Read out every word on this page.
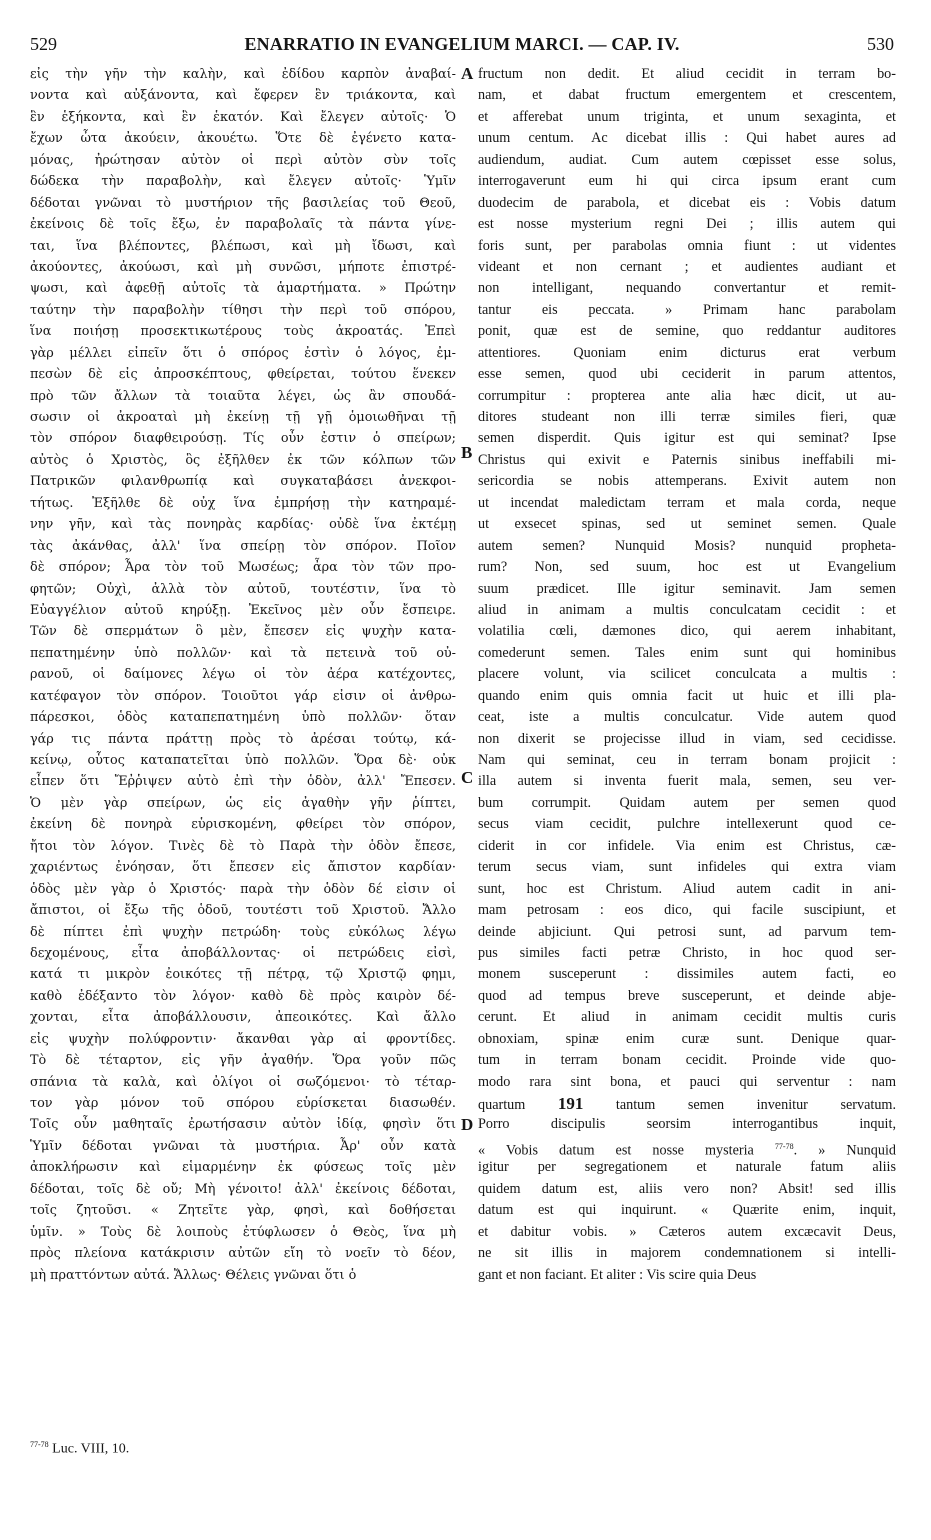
529	ENARRATIO IN EVANGELIUM MARCI. — CAP. IV.	530
εἰς τὴν γῆν τὴν καλὴν, καὶ ἐδίδου καρπὸν ἀναβαί-
νοντα καὶ αὐξάνοντα, καὶ ἔφερεν ἓν τριάκοντα, καὶ
ἓν ἑξήκοντα, καὶ ἓν ἑκατόν. Καὶ ἔλεγεν αὐτοῖς· Ὁ
ἔχων ὦτα ἀκούειν, ἀκουέτω. Ὅτε δὲ ἐγένετο κατα-
μόνας, ἠρώτησαν αὐτὸν οἱ περὶ αὐτὸν σὺν τοῖς
δώδεκα τὴν παραβολὴν, καὶ ἔλεγεν αὐτοῖς· Ὑμῖν
δέδοται γνῶναι τὸ μυστήριον τῆς βασιλείας τοῦ Θεοῦ,
ἐκείνοις δὲ τοῖς ἔξω, ἐν παραβολαῖς τὰ πάντα γίνε-
ται, ἵνα βλέποντες, βλέπωσι, καὶ μὴ ἴδωσι, καὶ
ἀκούοντες, ἀκούωσι, καὶ μὴ συνῶσι, μήποτε ἐπιστρέ-
ψωσι, καὶ ἀφεθῇ αὐτοῖς τὰ ἁμαρτήματα. » Πρώτην
ταύτην τὴν παραβολὴν τίθησι τὴν περὶ τοῦ σπόρου,
ἵνα ποιήσῃ προσεκτικωτέρους τοὺς ἀκροατάς. Ἐπεὶ
γὰρ μέλλει εἰπεῖν ὅτι ὁ σπόρος ἐστὶν ὁ λόγος, ἐμ-
πεσὼν δὲ εἰς ἀπροσκέπτους, φθείρεται, τούτου ἕνεκεν
πρὸ τῶν ἄλλων τὰ τοιαῦτα λέγει, ὡς ἂν σπουδά-
σωσιν οἱ ἀκροαταὶ μὴ ἐκείνῃ τῇ γῇ ὁμοιωθῆναι τῇ
τὸν σπόρον διαφθειρούσῃ. Τίς οὖν ἐστιν ὁ σπείρων;
αὐτὸς ὁ Χριστὸς, ὃς ἐξῆλθεν ἐκ τῶν κόλπων τῶν
Πατρικῶν φιλανθρωπίᾳ καὶ συγκαταβάσει ἀνεκφοι-
τήτως. Ἐξῆλθε δὲ οὐχ ἵνα ἐμπρήσῃ τὴν κατηραμέ-
νην γῆν, καὶ τὰς πονηρὰς καρδίας· οὐδὲ ἵνα ἐκτέμῃ
τὰς ἀκάνθας, ἀλλ' ἵνα σπείρῃ τὸν σπόρον. Ποῖον
δὲ σπόρον; Ἆρα τὸν τοῦ Μωσέως; ἆρα τὸν τῶν προ-
φητῶν; Οὐχὶ, ἀλλὰ τὸν αὐτοῦ, τουτέστιν, ἵνα τὸ
Εὐαγγέλιον αὐτοῦ κηρύξῃ. Ἐκεῖνος μὲν οὖν ἔσπειρε.
Τῶν δὲ σπερμάτων ὃ μὲν, ἔπεσεν εἰς ψυχὴν κατα-
πεπατημένην ὑπὸ πολλῶν· καὶ τὰ πετεινὰ τοῦ οὐ-
ρανοῦ, οἱ δαίμονες λέγω οἱ τὸν ἀέρα κατέχοντες,
κατέφαγον τὸν σπόρον. Τοιοῦτοι γάρ εἰσιν οἱ ἀνθρω-
πάρεσκοι, ὁδὸς καταπεπατημένη ὑπὸ πολλῶν· ὅταν
γάρ τις πάντα πράττῃ πρὸς τὸ ἀρέσαι τούτῳ, κά-
κείνῳ, οὗτος καταπατεῖται ὑπὸ πολλῶν. Ὅρα δὲ· οὐκ
εἶπεν ὅτι Ἔῤῥιψεν αὐτὸ ἐπὶ τὴν ὁδὸν, ἀλλ' Ἔπεσεν.
Ὁ μὲν γὰρ σπείρων, ὡς εἰς ἀγαθὴν γῆν ῥίπτει,
ἐκείνη δὲ πονηρὰ εὑρισκομένη, φθείρει τὸν σπόρον,
ἤτοι τὸν λόγον. Τινὲς δὲ τὸ Παρὰ τὴν ὁδὸν ἔπεσε,
χαριέντως ἐνόησαν, ὅτι ἔπεσεν εἰς ἄπιστον καρδίαν·
ὁδὸς μὲν γὰρ ὁ Χριστός· παρὰ τὴν ὁδὸν δέ εἰσιν οἱ
ἄπιστοι, οἱ ἔξω τῆς ὁδοῦ, τουτέστι τοῦ Χριστοῦ. Ἄλλο
δὲ πίπτει ἐπὶ ψυχὴν πετρώδη· τοὺς εὐκόλως λέγω
δεχομένους, εἶτα ἀποβάλλοντας· οἱ πετρώδεις εἰσὶ,
κατά τι μικρὸν ἐοικότες τῇ πέτρᾳ, τῷ Χριστῷ φημι,
καθὸ ἐδέξαντο τὸν λόγον· καθὸ δὲ πρὸς καιρὸν δέ-
χονται, εἶτα ἀποβάλλουσιν, ἀπεοικότες. Καὶ ἄλλο
εἰς ψυχὴν πολύφροντιν· ἄκανθαι γὰρ αἱ φροντίδες.
Τὸ δὲ τέταρτον, εἰς γῆν ἀγαθήν. Ὅρα γοῦν πῶς
σπάνια τὰ καλὰ, καὶ ὀλίγοι οἱ σωζόμενοι· τὸ τέταρ-
τον γὰρ μόνον τοῦ σπόρου εὑρίσκεται διασωθέν.
Τοῖς οὖν μαθηταῖς ἐρωτήσασιν αὐτὸν ἰδίᾳ, φησὶν ὅτι
Ὑμῖν δέδοται γνῶναι τὰ μυστήρια. Ἆρ' οὖν κατὰ
ἀποκλήρωσιν καὶ εἱμαρμένην ἐκ φύσεως τοῖς μὲν
δέδοται, τοῖς δὲ οὔ; Μὴ γένοιτο! ἀλλ' ἐκείνοις δέδοται,
τοῖς ζητοῦσι. « Ζητεῖτε γὰρ, φησὶ, καὶ δοθήσεται
ὑμῖν. » Τοὺς δὲ λοιποὺς ἐτύφλωσεν ὁ Θεὸς, ἵνα μὴ
πρὸς πλείονα κατάκρισιν αὐτῶν εἴη τὸ νοεῖν τὸ δέον,
μὴ πραττόντων αὐτά. Ἄλλως· Θέλεις γνῶναι ὅτι ὁ
fructum non dedit. Et aliud cecidit in terram bo-
nam, et dabat fructum emergentem et crescentem,
et afferebat unum triginta, et unum sexaginta, et
unum centum. Ac dicebat illis : Qui habet aures ad
audiendum, audiat. Cum autem cœpisset esse solus,
interrogaverunt eum hi qui circa ipsum erant cum
duodecim de parabola, et dicebat eis : Vobis datum
est nosse mysterium regni Dei ; illis autem qui
foris sunt, per parabolas omnia fiunt : ut videntes
videant et non cernant ; et audientes audiant et
non intelligant, nequando convertantur et remit-
tantur eis peccata. » Primam hanc parabolam
ponit, quæ est de semine, quo reddantur auditores
attentiores. Quoniam enim dicturus erat verbum
esse semen, quod ubi ceciderit in parum attentos,
corrumpitur : propterea ante alia hæc dicit, ut au-
ditores studeant non illi terræ similes fieri, quæ
semen disperdit. Quis igitur est qui seminat? Ipse
Christus qui exivit e Paternis sinibus ineffabili mi-
sericordia se nobis attemperans. Exivit autem non
ut incendat maledictam terram et mala corda, neque
ut exsecet spinas, sed ut seminet semen. Quale
autem semen? Nunquid Mosis? nunquid propheta-
rum? Non, sed suum, hoc est ut Evangelium
suum prædicet. Ille igitur seminavit. Jam semen
aliud in animam a multis conculcatam cecidit : et
volatilia cœli, dæmones dico, qui aerem inhabitant,
comederunt semen. Tales enim sunt qui hominibus
placere volunt, via scilicet conculcata a multis :
quando enim quis omnia facit ut huic et illi pla-
ceat, iste a multis conculcatur. Vide autem quod
non dixerit se projecisse illud in viam, sed cecidisse.
Nam qui seminat, ceu in terram bonam projicit :
illa autem si inventa fuerit mala, semen, seu ver-
bum corrumpit. Quidam autem per semen quod
secus viam cecidit, pulchre intellexerunt quod ce-
ciderit in cor infidele. Via enim est Christus, cæ-
terum secus viam, sunt infideles qui extra viam
sunt, hoc est Christum. Aliud autem cadit in ani-
mam petrosam : eos dico, qui facile suscipiunt, et
deinde abjiciunt. Qui petrosi sunt, ad parvum tem-
pus similes facti petræ Christo, in hoc quod ser-
monem susceperunt : dissimiles autem facti, eo
quod ad tempus breve susceperunt, et deinde abje-
cerunt. Et aliud in animam cecidit multis curis
obnoxiam, spinæ enim curæ sunt. Denique quar-
tum in terram bonam cecidit. Proinde vide quo-
modo rara sint bona, et pauci qui serventur : nam
quartum 191 tantum semen invenitur servatum.
Porro discipulis seorsim interrogantibus inquit,
« Vobis datum est nosse mysteria $^{77-78}$. » Nunquid
igitur per segregationem et naturale fatum aliis
quidem datum est, aliis vero non? Absit! sed illis
datum est qui inquirunt. « Quærite enim, inquit,
et dabitur vobis. » Cæteros autem excæcavit Deus,
ne sit illis in majorem condemnationem si intelli-
gant et non faciant. Et aliter : Vis scire quia Deus
A
B
C
D
$^{77-78}$ Luc. VIII, 10.
